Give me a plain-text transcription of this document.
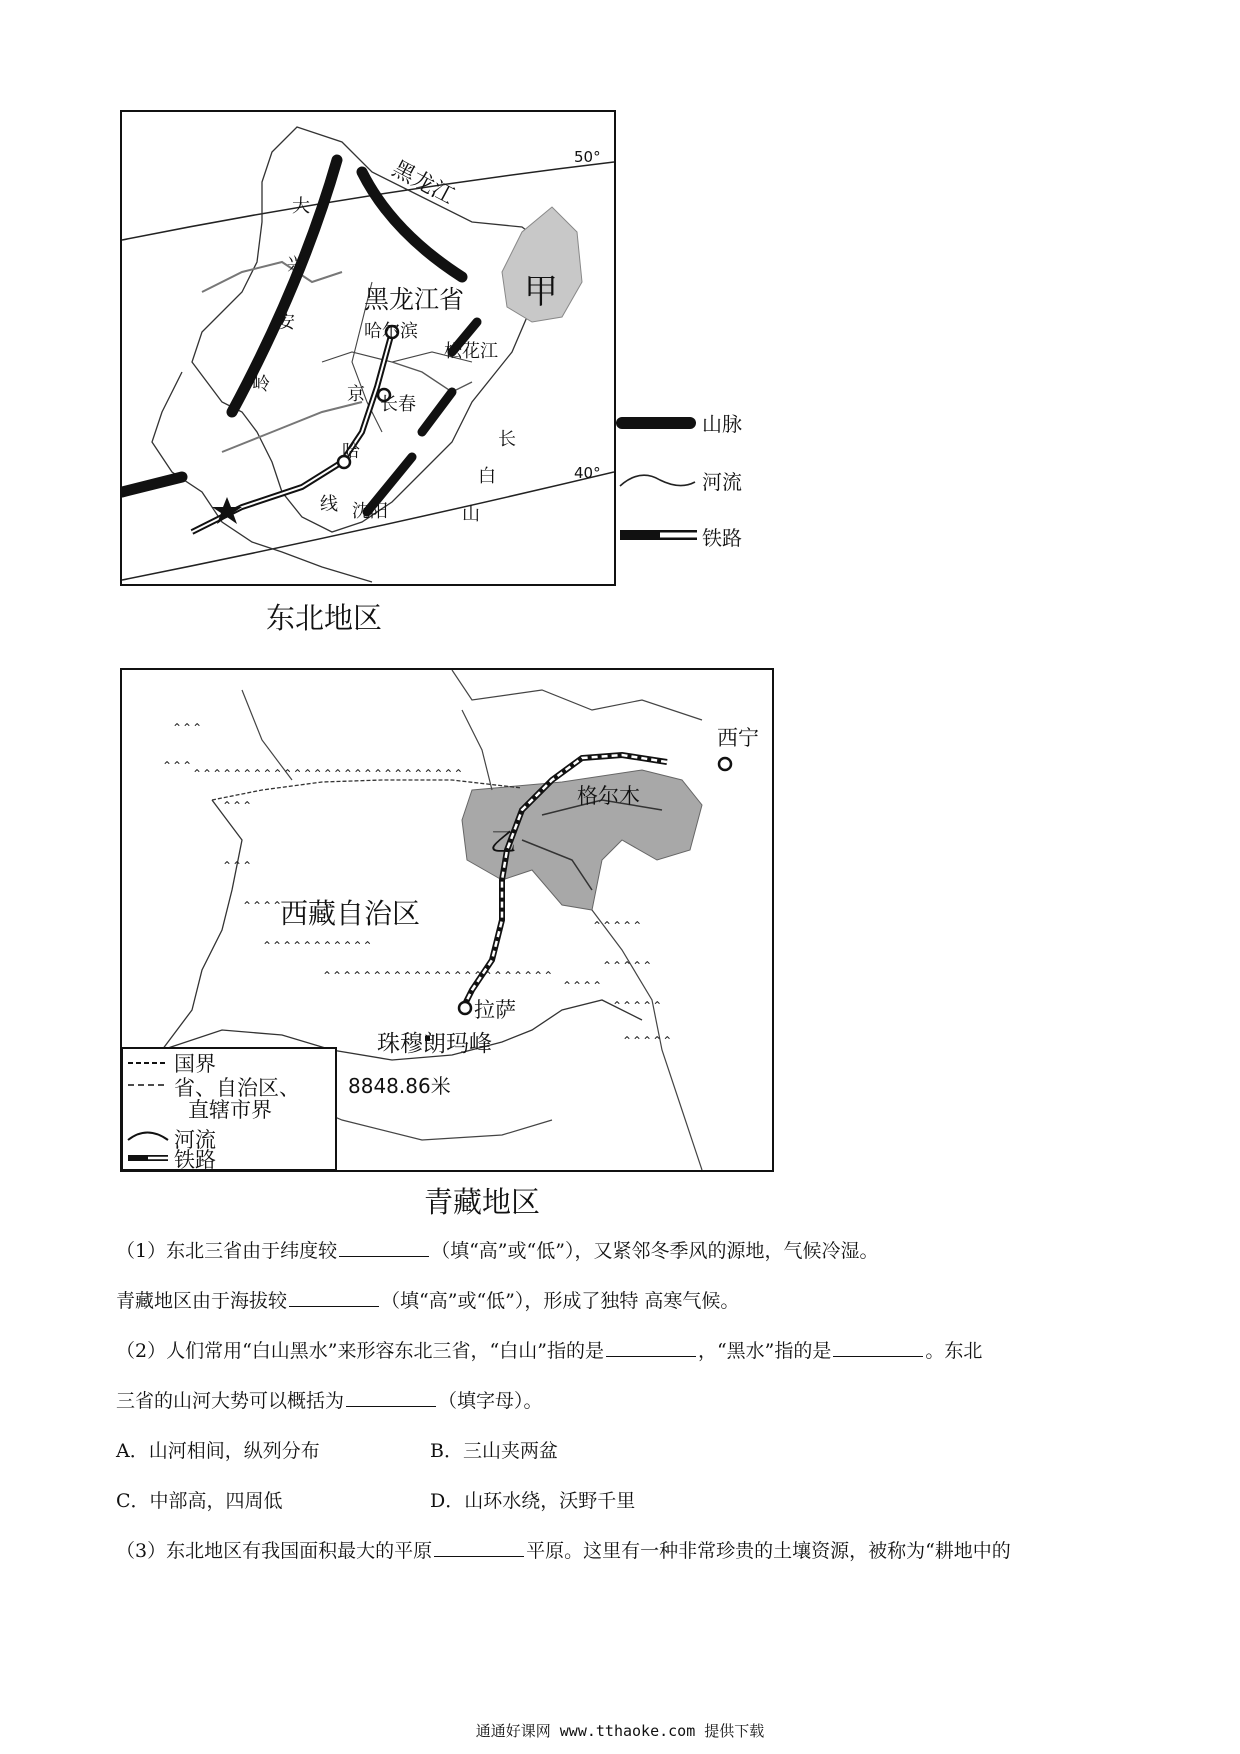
50°
40°
黑龙江
大
兴
安
岭
黑龙江省 甲
哈尔滨
松花江
长春
京
哈
线 沈阳
长
白
山
山脉
河流
铁路
东北地区
⌃⌃⌃
⌃⌃⌃
⌃⌃⌃⌃⌃⌃⌃⌃⌃⌃⌃⌃⌃⌃⌃⌃⌃⌃⌃⌃⌃⌃⌃⌃⌃⌃⌃
⌃⌃⌃
⌃⌃⌃
⌃⌃⌃⌃
⌃⌃⌃⌃⌃⌃⌃⌃⌃⌃⌃
⌃⌃⌃⌃⌃⌃⌃⌃⌃⌃⌃⌃⌃⌃⌃⌃⌃⌃⌃⌃⌃⌃⌃
⌃⌃⌃⌃⌃
⌃⌃⌃⌃⌃
⌃⌃⌃⌃⌃
⌃⌃⌃⌃⌃
⌃⌃⌃⌃
西宁
格尔木
乙
西藏自治区
拉萨
珠穆朗玛峰
8848.86米
国界
省、自治区、
直辖市界
河流
铁路
青藏地区
（1）东北三省由于纬度较	（填“高”或“低”），又紧邻冬季风的源地，气候冷湿。
青藏地区由于海拔较	（填“高”或“低”），形成了独特 高寒气候。
（2）人们常用“白山黑水”来形容东北三省，“白山”指的是	，“黑水”指的是	。东北
三省的山河大势可以概括为	（填字母）。
A．山河相间，纵列分布	B．三山夹两盆
C．中部高，四周低	D．山环水绕，沃野千里
（3）东北地区有我国面积最大的平原	平原。这里有一种非常珍贵的土壤资源，被称为“耕地中的
通通好课网 www.tthaoke.com 提供下载
